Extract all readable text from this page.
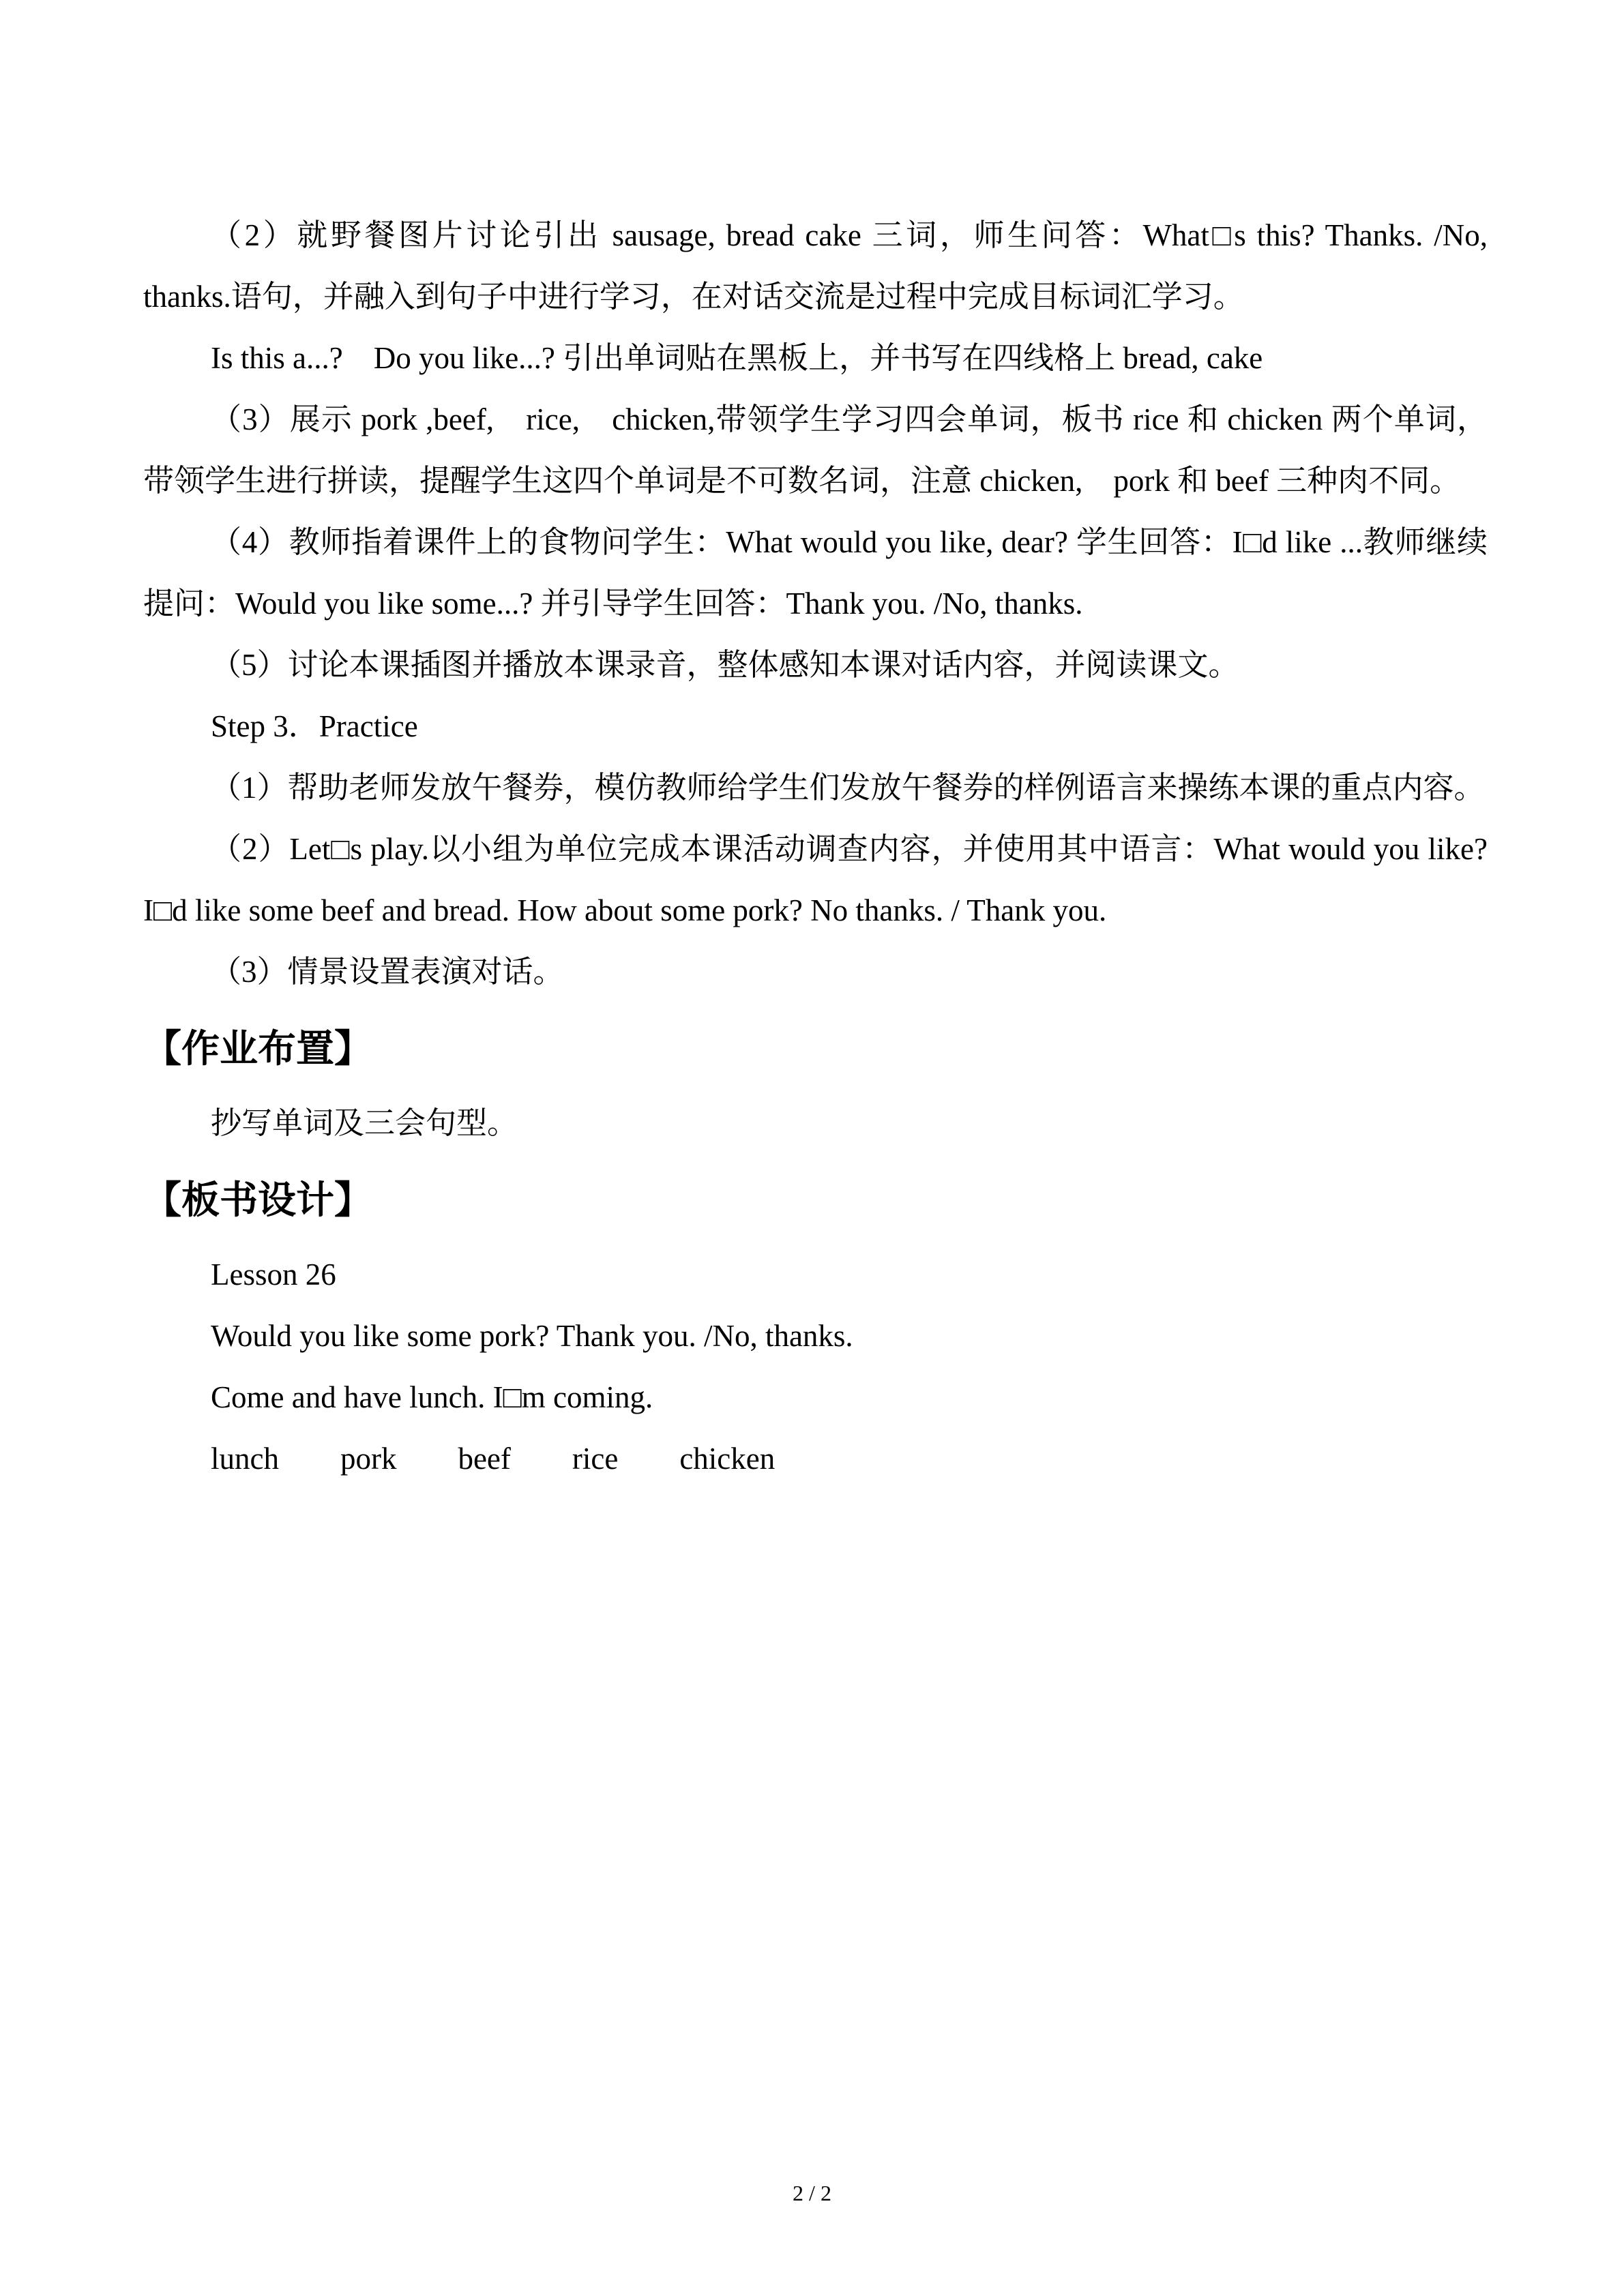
（2）就野餐图片讨论引出 sausage, bread cake 三词，师生问答：What□s this? Thanks. /No, thanks.语句，并融入到句子中进行学习，在对话交流是过程中完成目标词汇学习。

Is this a...?　Do you like...? 引出单词贴在黑板上，并书写在四线格上 bread, cake

（3）展示 pork ,beef,　rice,　chicken,带领学生学习四会单词，板书 rice 和 chicken 两个单词，带领学生进行拼读，提醒学生这四个单词是不可数名词，注意 chicken,　pork 和 beef 三种肉不同。

（4）教师指着课件上的食物问学生：What would you like, dear? 学生回答：I□d like ...教师继续提问：Would you like some...? 并引导学生回答：Thank you. /No, thanks.

（5）讨论本课插图并播放本课录音，整体感知本课对话内容，并阅读课文。

Step 3．Practice

（1）帮助老师发放午餐券，模仿教师给学生们发放午餐券的样例语言来操练本课的重点内容。

（2）Let□s play.以小组为单位完成本课活动调查内容，并使用其中语言：What would you like? I□d like some beef and bread. How about some pork? No thanks. / Thank you.

（3）情景设置表演对话。

【作业布置】

抄写单词及三会句型。

【板书设计】

Lesson 26

Would you like some pork? Thank you. /No, thanks.

Come and have lunch. I□m coming.

lunch　　pork　　beef　　rice　　chicken

2 / 2
